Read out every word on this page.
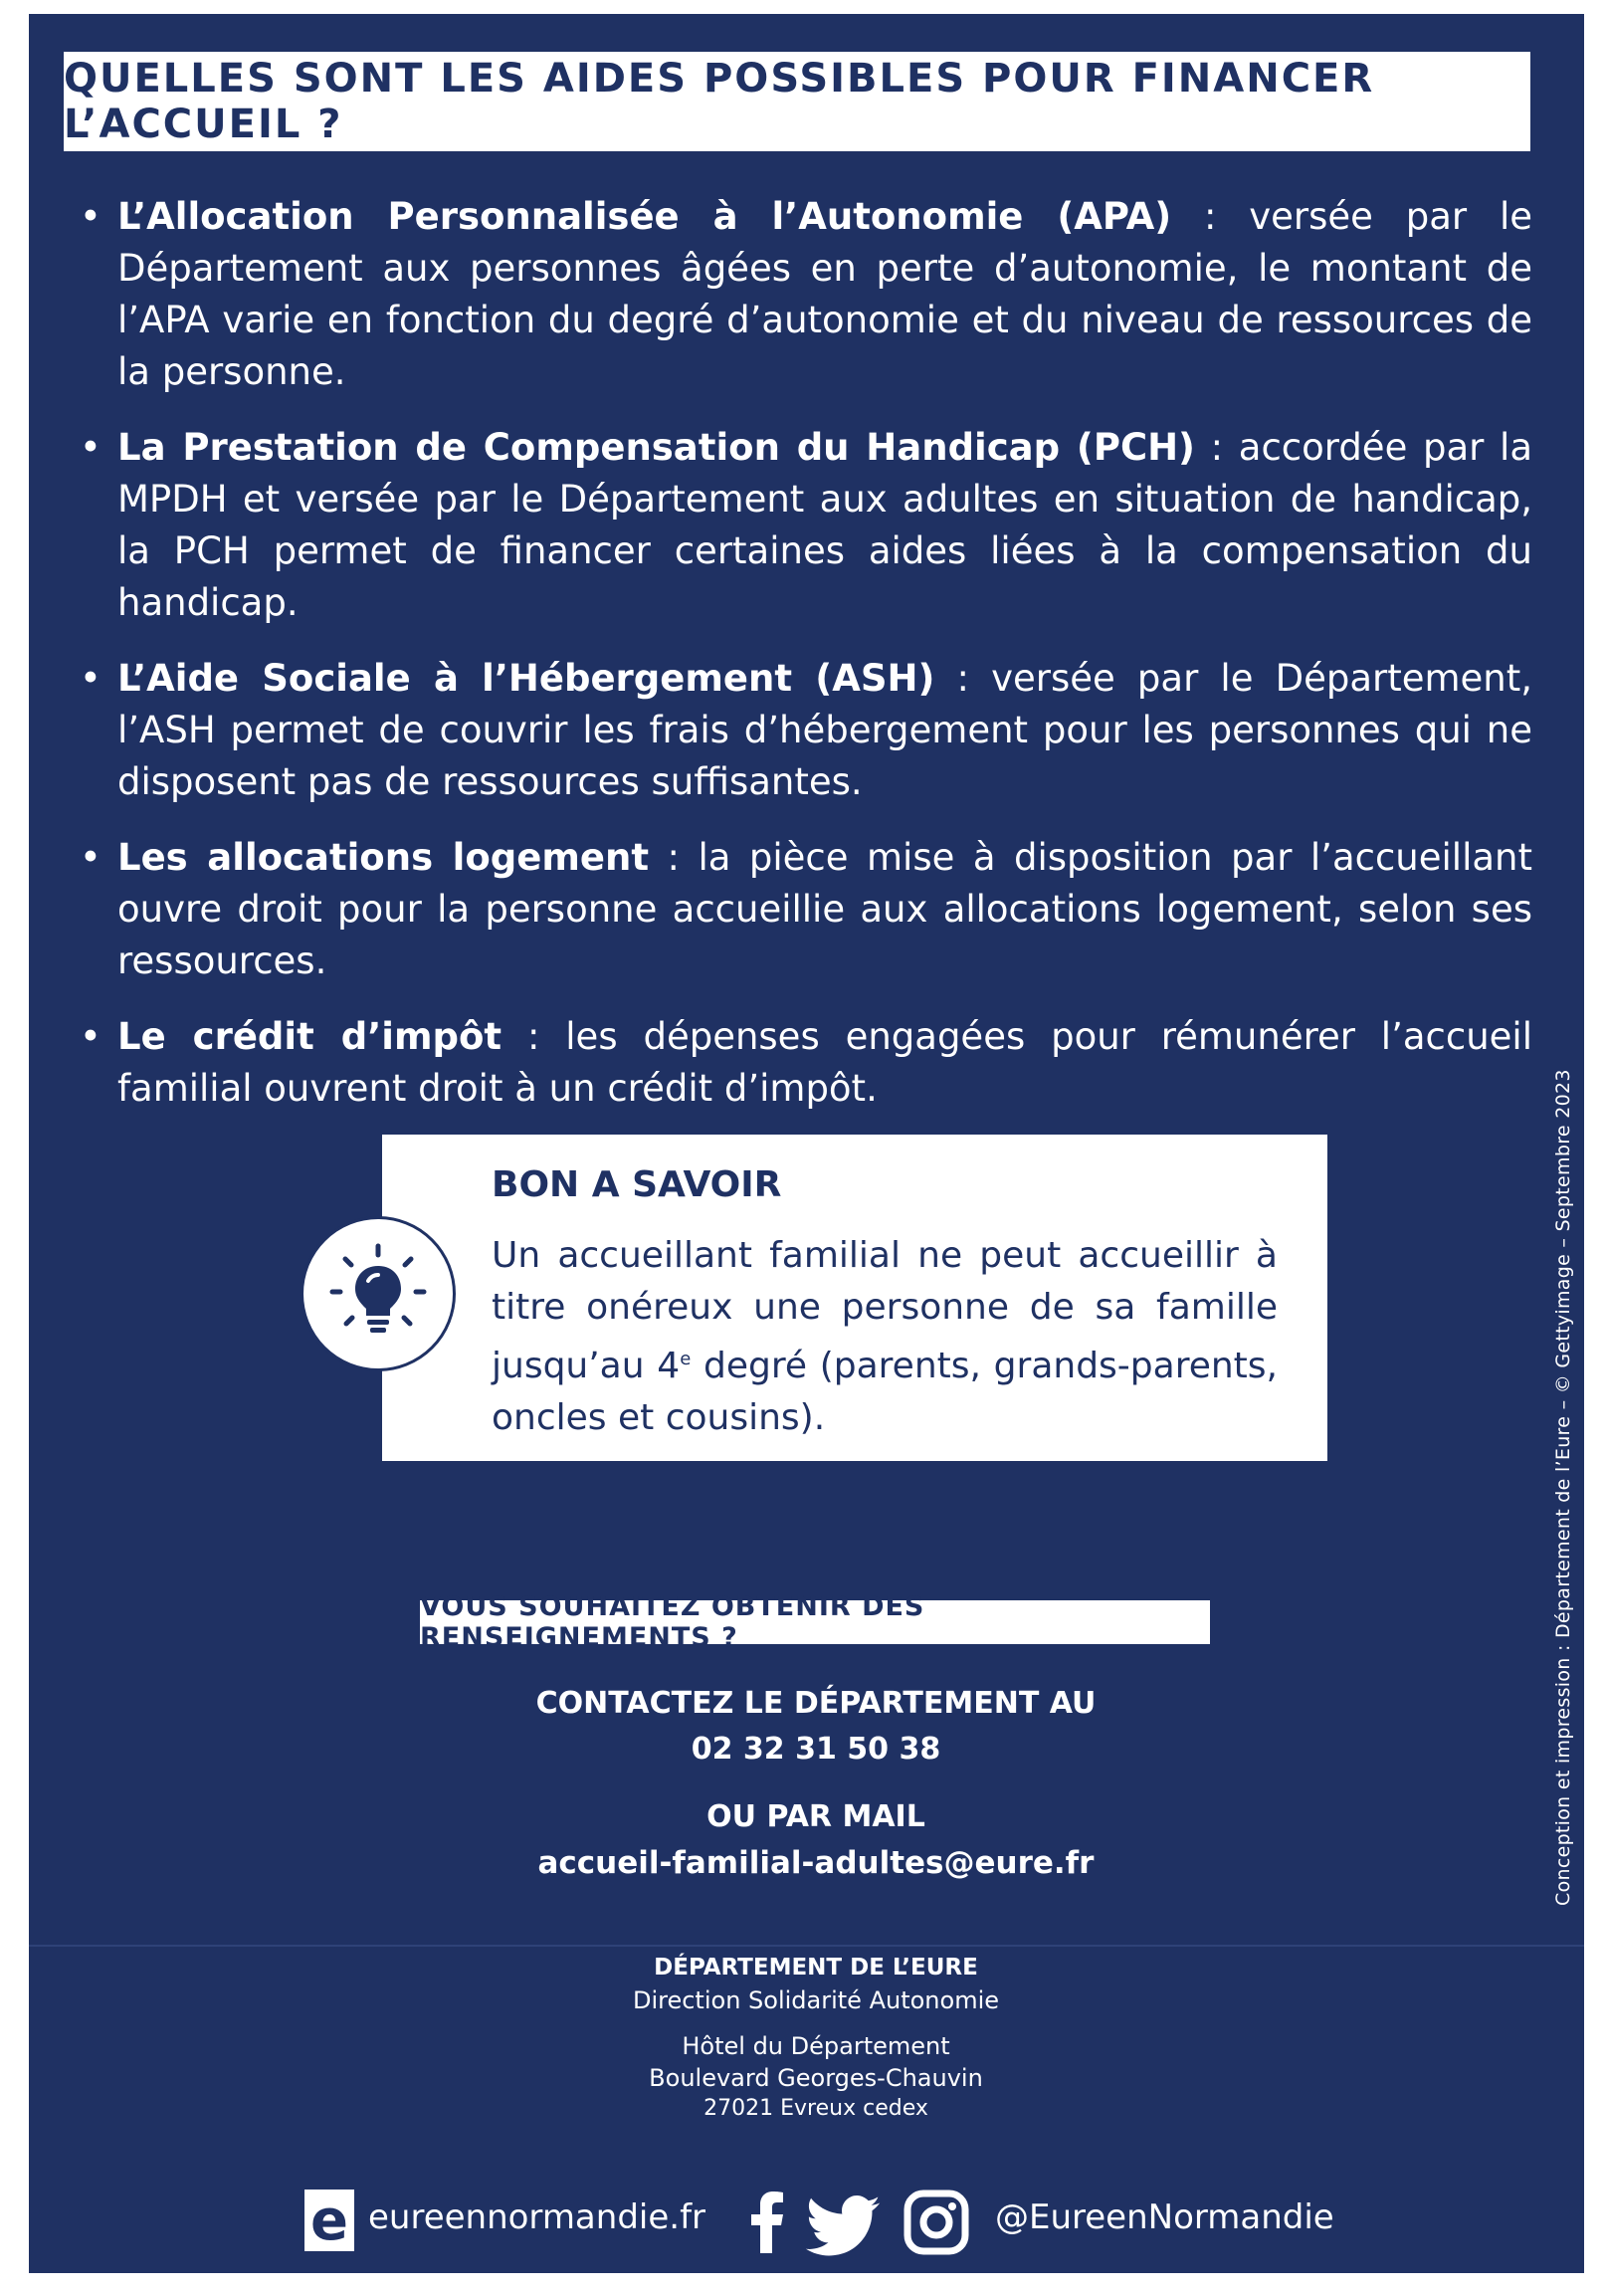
QUELLES SONT LES AIDES POSSIBLES POUR FINANCER L’ACCUEIL ?
• L’Allocation Personnalisée à l’Autonomie (APA) : versée par le Département aux personnes âgées en perte d’autonomie, le montant de l’APA varie en fonction du degré d’autonomie et du niveau de ressources de la personne.
• La Prestation de Compensation du Handicap (PCH) : accordée par la MPDH et versée par le Département aux adultes en situation de handicap, la PCH permet de financer certaines aides liées à la compensation du handicap.
• L’Aide Sociale à l’Hébergement (ASH) : versée par le Département, l’ASH permet de couvrir les frais d’hébergement pour les personnes qui ne disposent pas de ressources suffisantes.
• Les allocations logement : la pièce mise à disposition par l’accueillant ouvre droit pour la personne accueillie aux allocations logement, selon ses ressources.
• Le crédit d’impôt : les dépenses engagées pour rémunérer l’accueil familial ouvrent droit à un crédit d’impôt.
BON A SAVOIR

Un accueillant familial ne peut accueillir à titre onéreux une personne de sa famille jusqu’au 4e degré (parents, grands-parents, oncles et cousins).

VOUS SOUHAITEZ OBTENIR DES RENSEIGNEMENTS ?

CONTACTEZ LE DÉPARTEMENT AU

02 32 31 50 38

OU PAR MAIL

accueil-familial-adultes@eure.fr

DÉPARTEMENT DE L’EURE

Direction Solidarité Autonomie

Hôtel du Département

Boulevard Georges-Chauvin

27021 Evreux cedex

Conception et impression : Département de l’Eure – © Gettyimage – Septembre 2023
e eureennormandie.fr	@EureenNormandie
